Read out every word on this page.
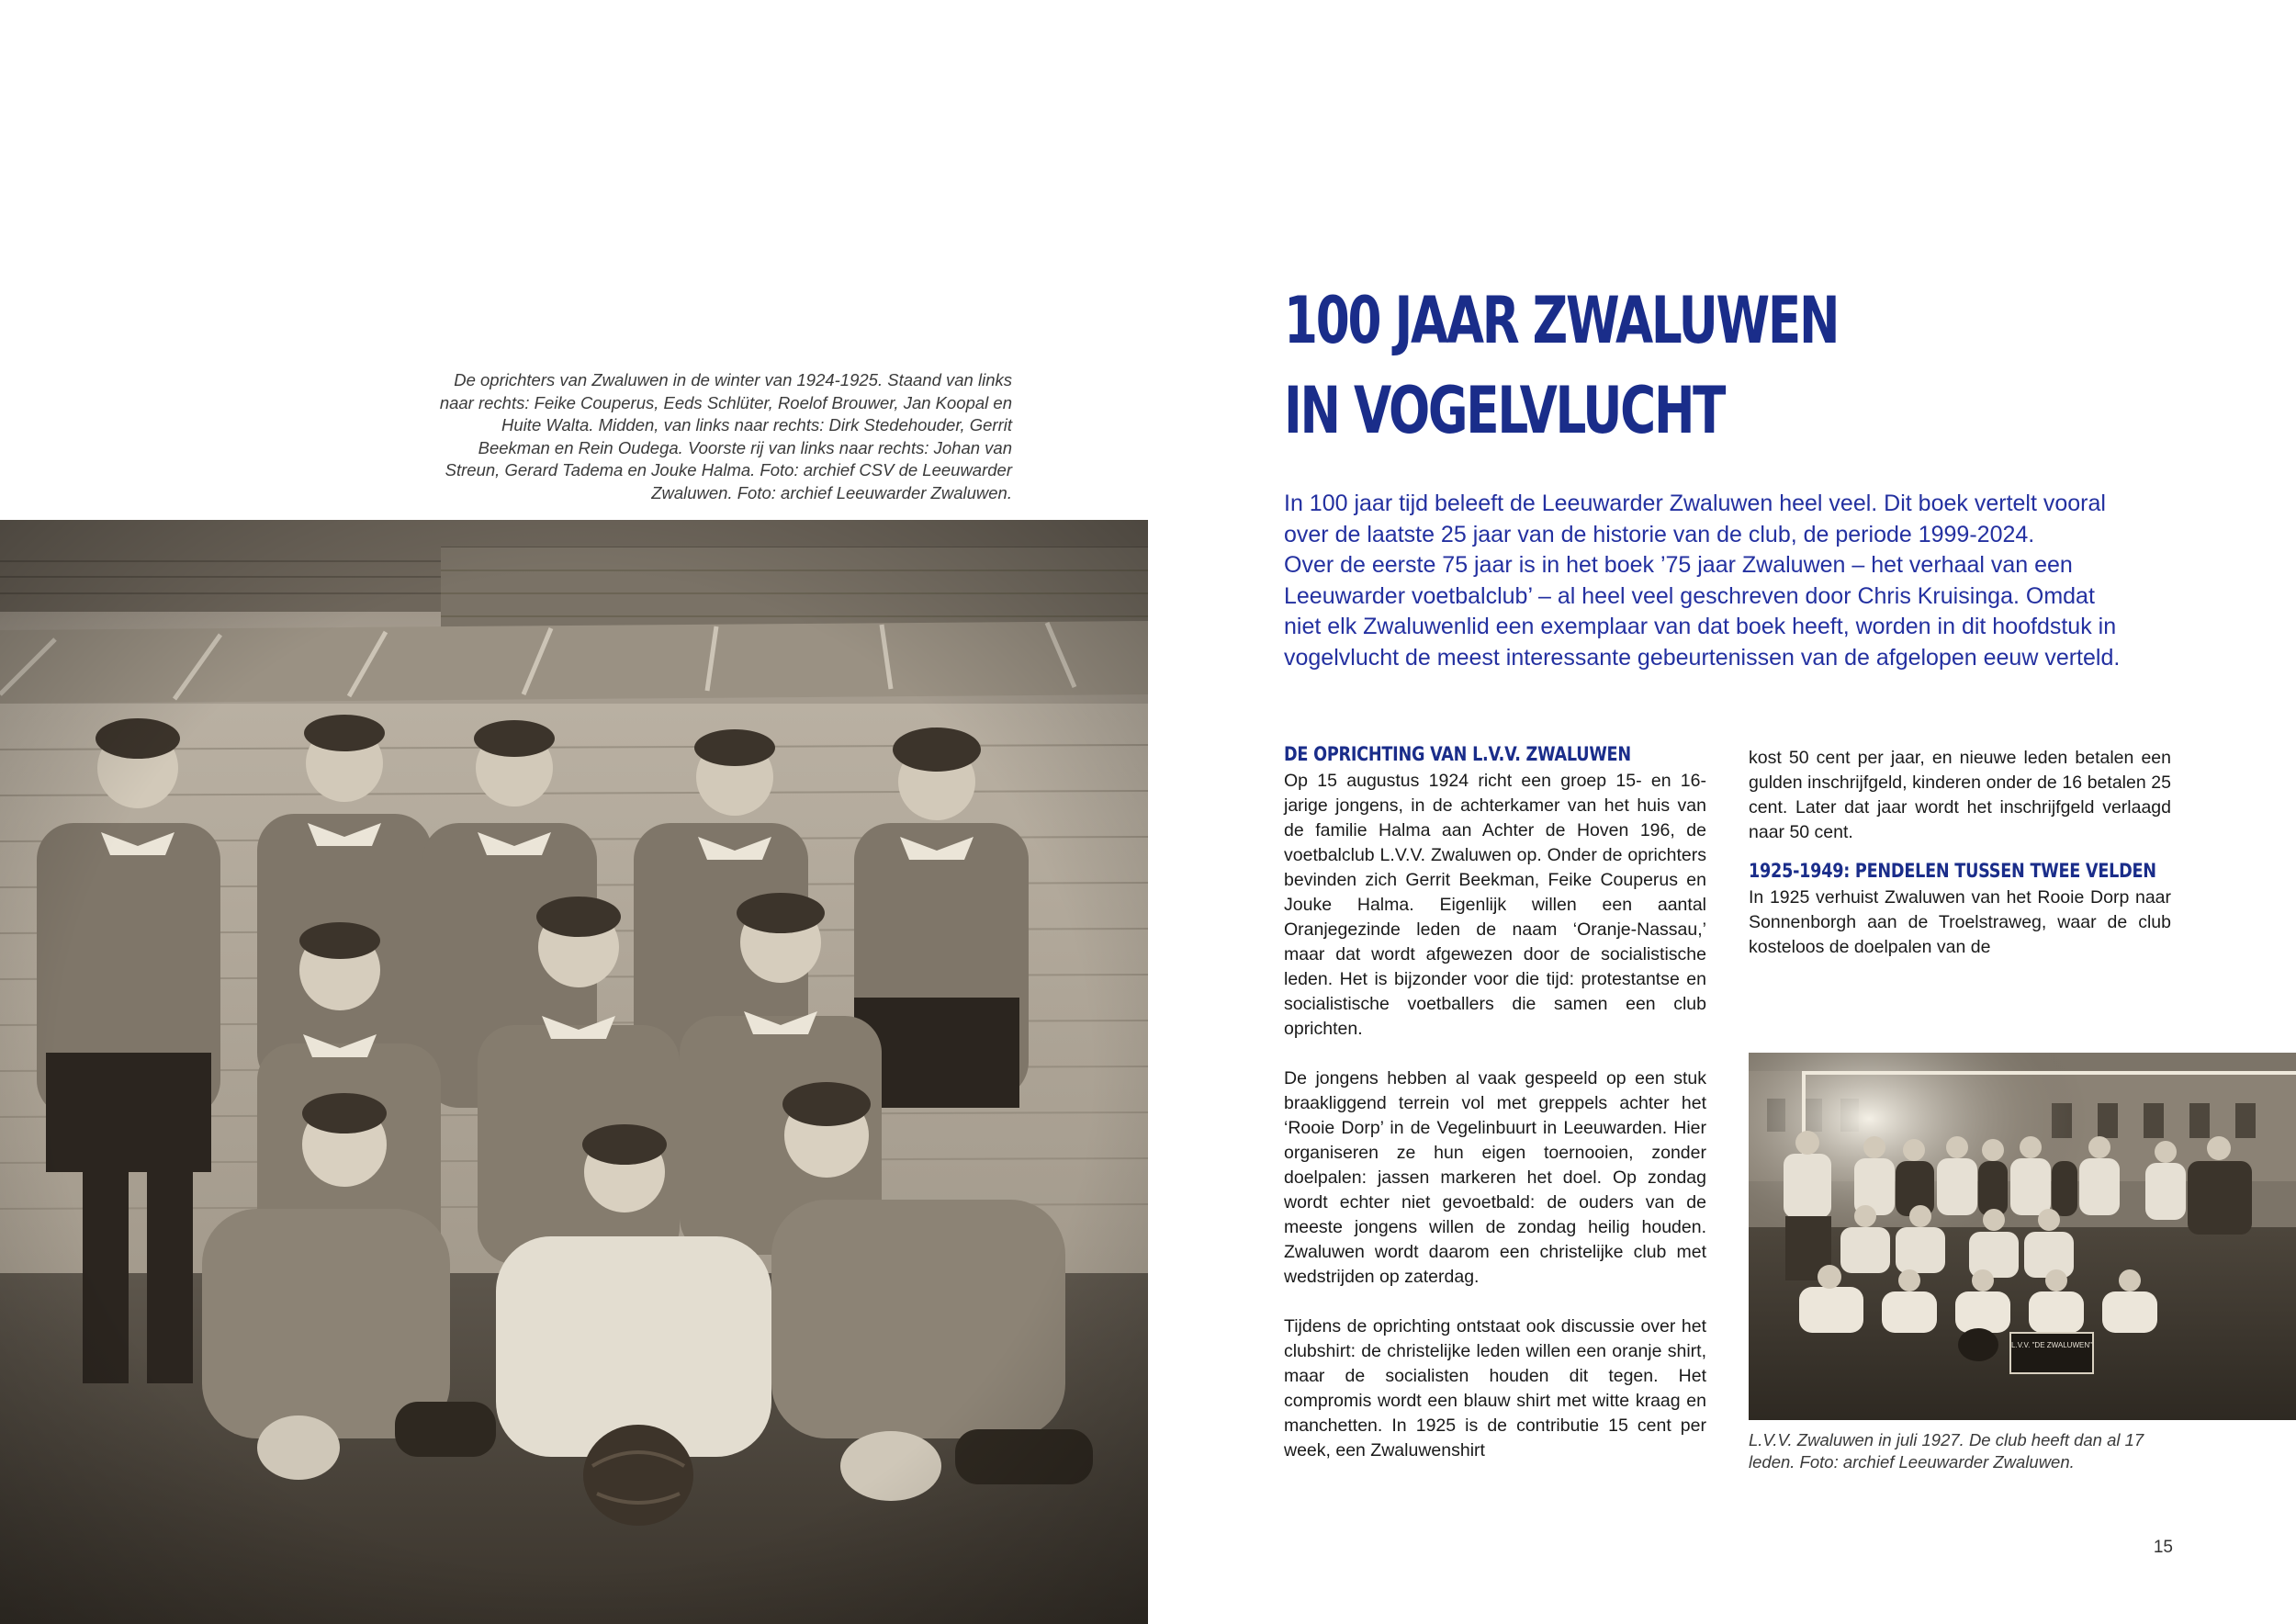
De oprichters van Zwaluwen in de winter van 1924-1925. Staand van links naar rechts: Feike Couperus, Eeds Schlüter, Roelof Brouwer, Jan Koopal en Huite Walta. Midden, van links naar rechts: Dirk Stedehouder, Gerrit Beekman en Rein Oudega. Voorste rij van links naar rechts: Johan van Streun, Gerard Tadema en Jouke Halma. Foto: archief CSV de Leeuwarder Zwaluwen. Foto: archief Leeuwarder Zwaluwen.
100 JAAR ZWALUWEN
IN VOGELVLUCHT

In 100 jaar tijd beleeft de Leeuwarder Zwaluwen heel veel. Dit boek vertelt vooral over de laatste 25 jaar van de historie van de club, de periode 1999-2024.

Over de eerste 75 jaar is in het boek ’75 jaar Zwaluwen – het verhaal van een Leeuwarder voetbalclub’ – al heel veel geschreven door Chris Kruisinga. Omdat niet elk Zwaluwenlid een exemplaar van dat boek heeft, worden in dit hoofdstuk in vogelvlucht de meest interessante gebeurtenissen van de afgelopen eeuw verteld.

DE OPRICHTING VAN L.V.V. ZWALUWEN

Op 15 augustus 1924 richt een groep 15- en 16-jarige jongens, in de achterkamer van het huis van de familie Halma aan Achter de Hoven 196, de voetbalclub L.V.V. Zwaluwen op. Onder de oprichters bevinden zich Gerrit Beekman, Feike Couperus en Jouke Halma. Eigenlijk willen een aantal Oranjegezinde leden de naam ‘Oranje-Nassau,’ maar dat wordt afgewezen door de socialistische leden. Het is bijzonder voor die tijd: protestantse en socialistische voetballers die samen een club oprichten.

De jongens hebben al vaak gespeeld op een stuk braakliggend terrein vol met greppels achter het ‘Rooie Dorp’ in de Vegelinbuurt in Leeuwarden. Hier organiseren ze hun eigen toernooien, zonder doelpalen: jassen markeren het doel. Op zondag wordt echter niet gevoetbald: de ouders van de meeste jongens willen de zondag heilig houden. Zwaluwen wordt daarom een christelijke club met wedstrijden op zaterdag.

Tijdens de oprichting ontstaat ook discussie over het clubshirt: de christelijke leden willen een oranje shirt, maar de socialisten houden dit tegen. Het compromis wordt een blauw shirt met witte kraag en manchetten. In 1925 is de contributie 15 cent per week, een Zwaluwenshirt

kost 50 cent per jaar, en nieuwe leden betalen een gulden inschrijfgeld, kinderen onder de 16 betalen 25 cent. Later dat jaar wordt het inschrijfgeld verlaagd naar 50 cent.

1925-1949: PENDELEN TUSSEN TWEE VELDEN

In 1925 verhuist Zwaluwen van het Rooie Dorp naar Sonnenborgh aan de Troelstraweg, waar de club kosteloos de doelpalen van de

L.V.V. "DE ZWALUWEN"
L.V.V. Zwaluwen in juli 1927. De club heeft dan al 17 leden. Foto: archief Leeuwarder Zwaluwen.
15
